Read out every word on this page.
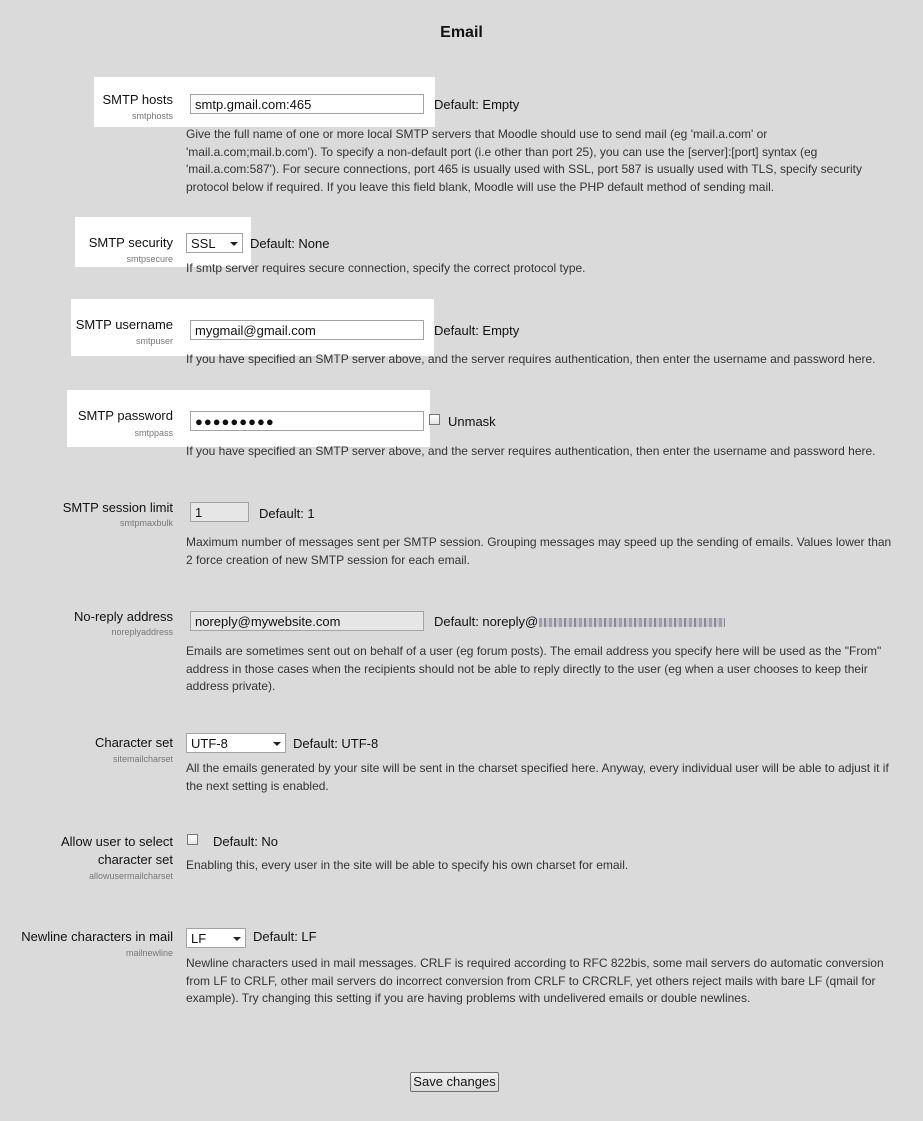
Email
SMTP hosts
smtphosts
smtp.gmail.com:465	Default: Empty
Give the full name of one or more local SMTP servers that Moodle should use to send mail (eg 'mail.a.com' or 'mail.a.com;mail.b.com'). To specify a non-default port (i.e other than port 25), you can use the [server]:[port] syntax (eg 'mail.a.com:587'). For secure connections, port 465 is usually used with SSL, port 587 is usually used with TLS, specify security protocol below if required. If you leave this field blank, Moodle will use the PHP default method of sending mail.
SMTP security
smtpsecure
SSL	Default: None
If smtp server requires secure connection, specify the correct protocol type.
SMTP username
smtpuser
mygmail@gmail.com	Default: Empty
If you have specified an SMTP server above, and the server requires authentication, then enter the username and password here.
SMTP password
smtppass
●●●●●●●●●	Unmask
If you have specified an SMTP server above, and the server requires authentication, then enter the username and password here.
SMTP session limit
smtpmaxbulk
1	Default: 1
Maximum number of messages sent per SMTP session. Grouping messages may speed up the sending of emails. Values lower than 2 force creation of new SMTP session for each email.
No-reply address
noreplyaddress
noreply@mywebsite.com	Default: noreply@
Emails are sometimes sent out on behalf of a user (eg forum posts). The email address you specify here will be used as the "From" address in those cases when the recipients should not be able to reply directly to the user (eg when a user chooses to keep their address private).
Character set
sitemailcharset
UTF-8	Default: UTF-8
All the emails generated by your site will be sent in the charset specified here. Anyway, every individual user will be able to adjust it if the next setting is enabled.
Allow user to select
character set
allowusermailcharset
Default: No
Enabling this, every user in the site will be able to specify his own charset for email.
Newline characters in mail
mailnewline
LF	Default: LF
Newline characters used in mail messages. CRLF is required according to RFC 822bis, some mail servers do automatic conversion from LF to CRLF, other mail servers do incorrect conversion from CRLF to CRCRLF, yet others reject mails with bare LF (qmail for example). Try changing this setting if you are having problems with undelivered emails or double newlines.
Save changes
